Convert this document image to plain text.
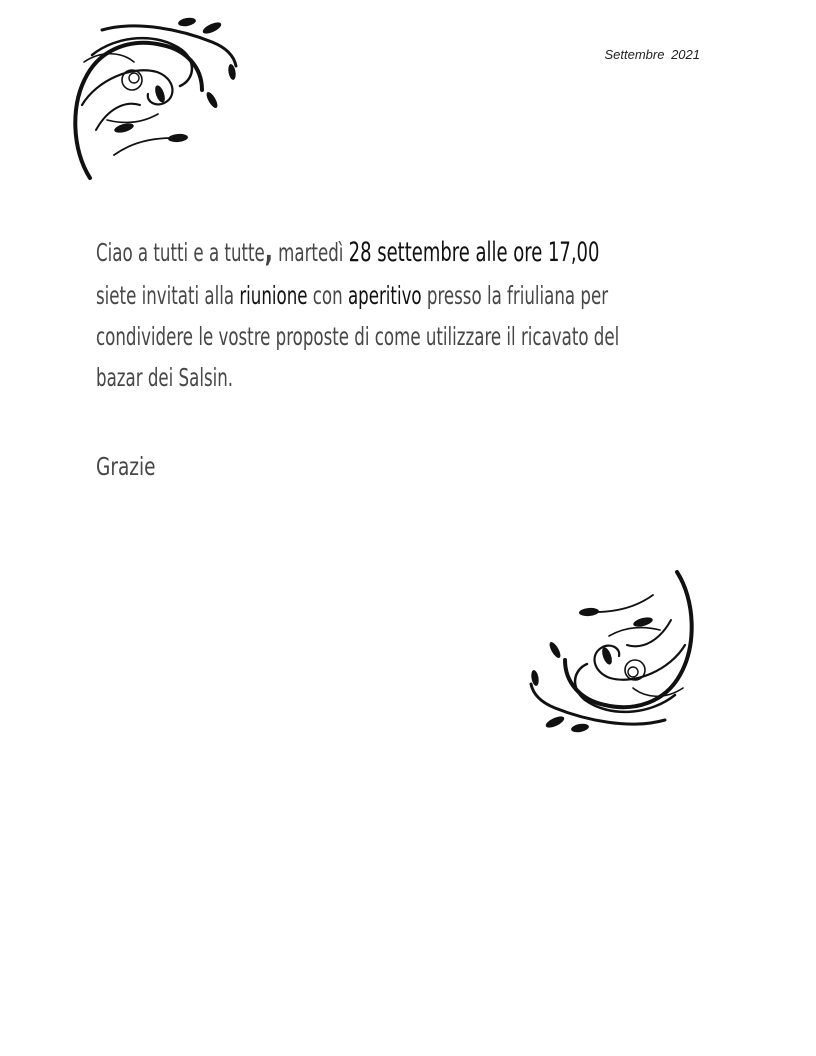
Settembre 2021
Ciao a tutti e a tutte, martedì 28 settembre alle ore 17,00
siete invitati alla riunione con aperitivo presso la friuliana per
condividere le vostre proposte di come utilizzare il ricavato del
bazar dei Salsin.
Grazie
